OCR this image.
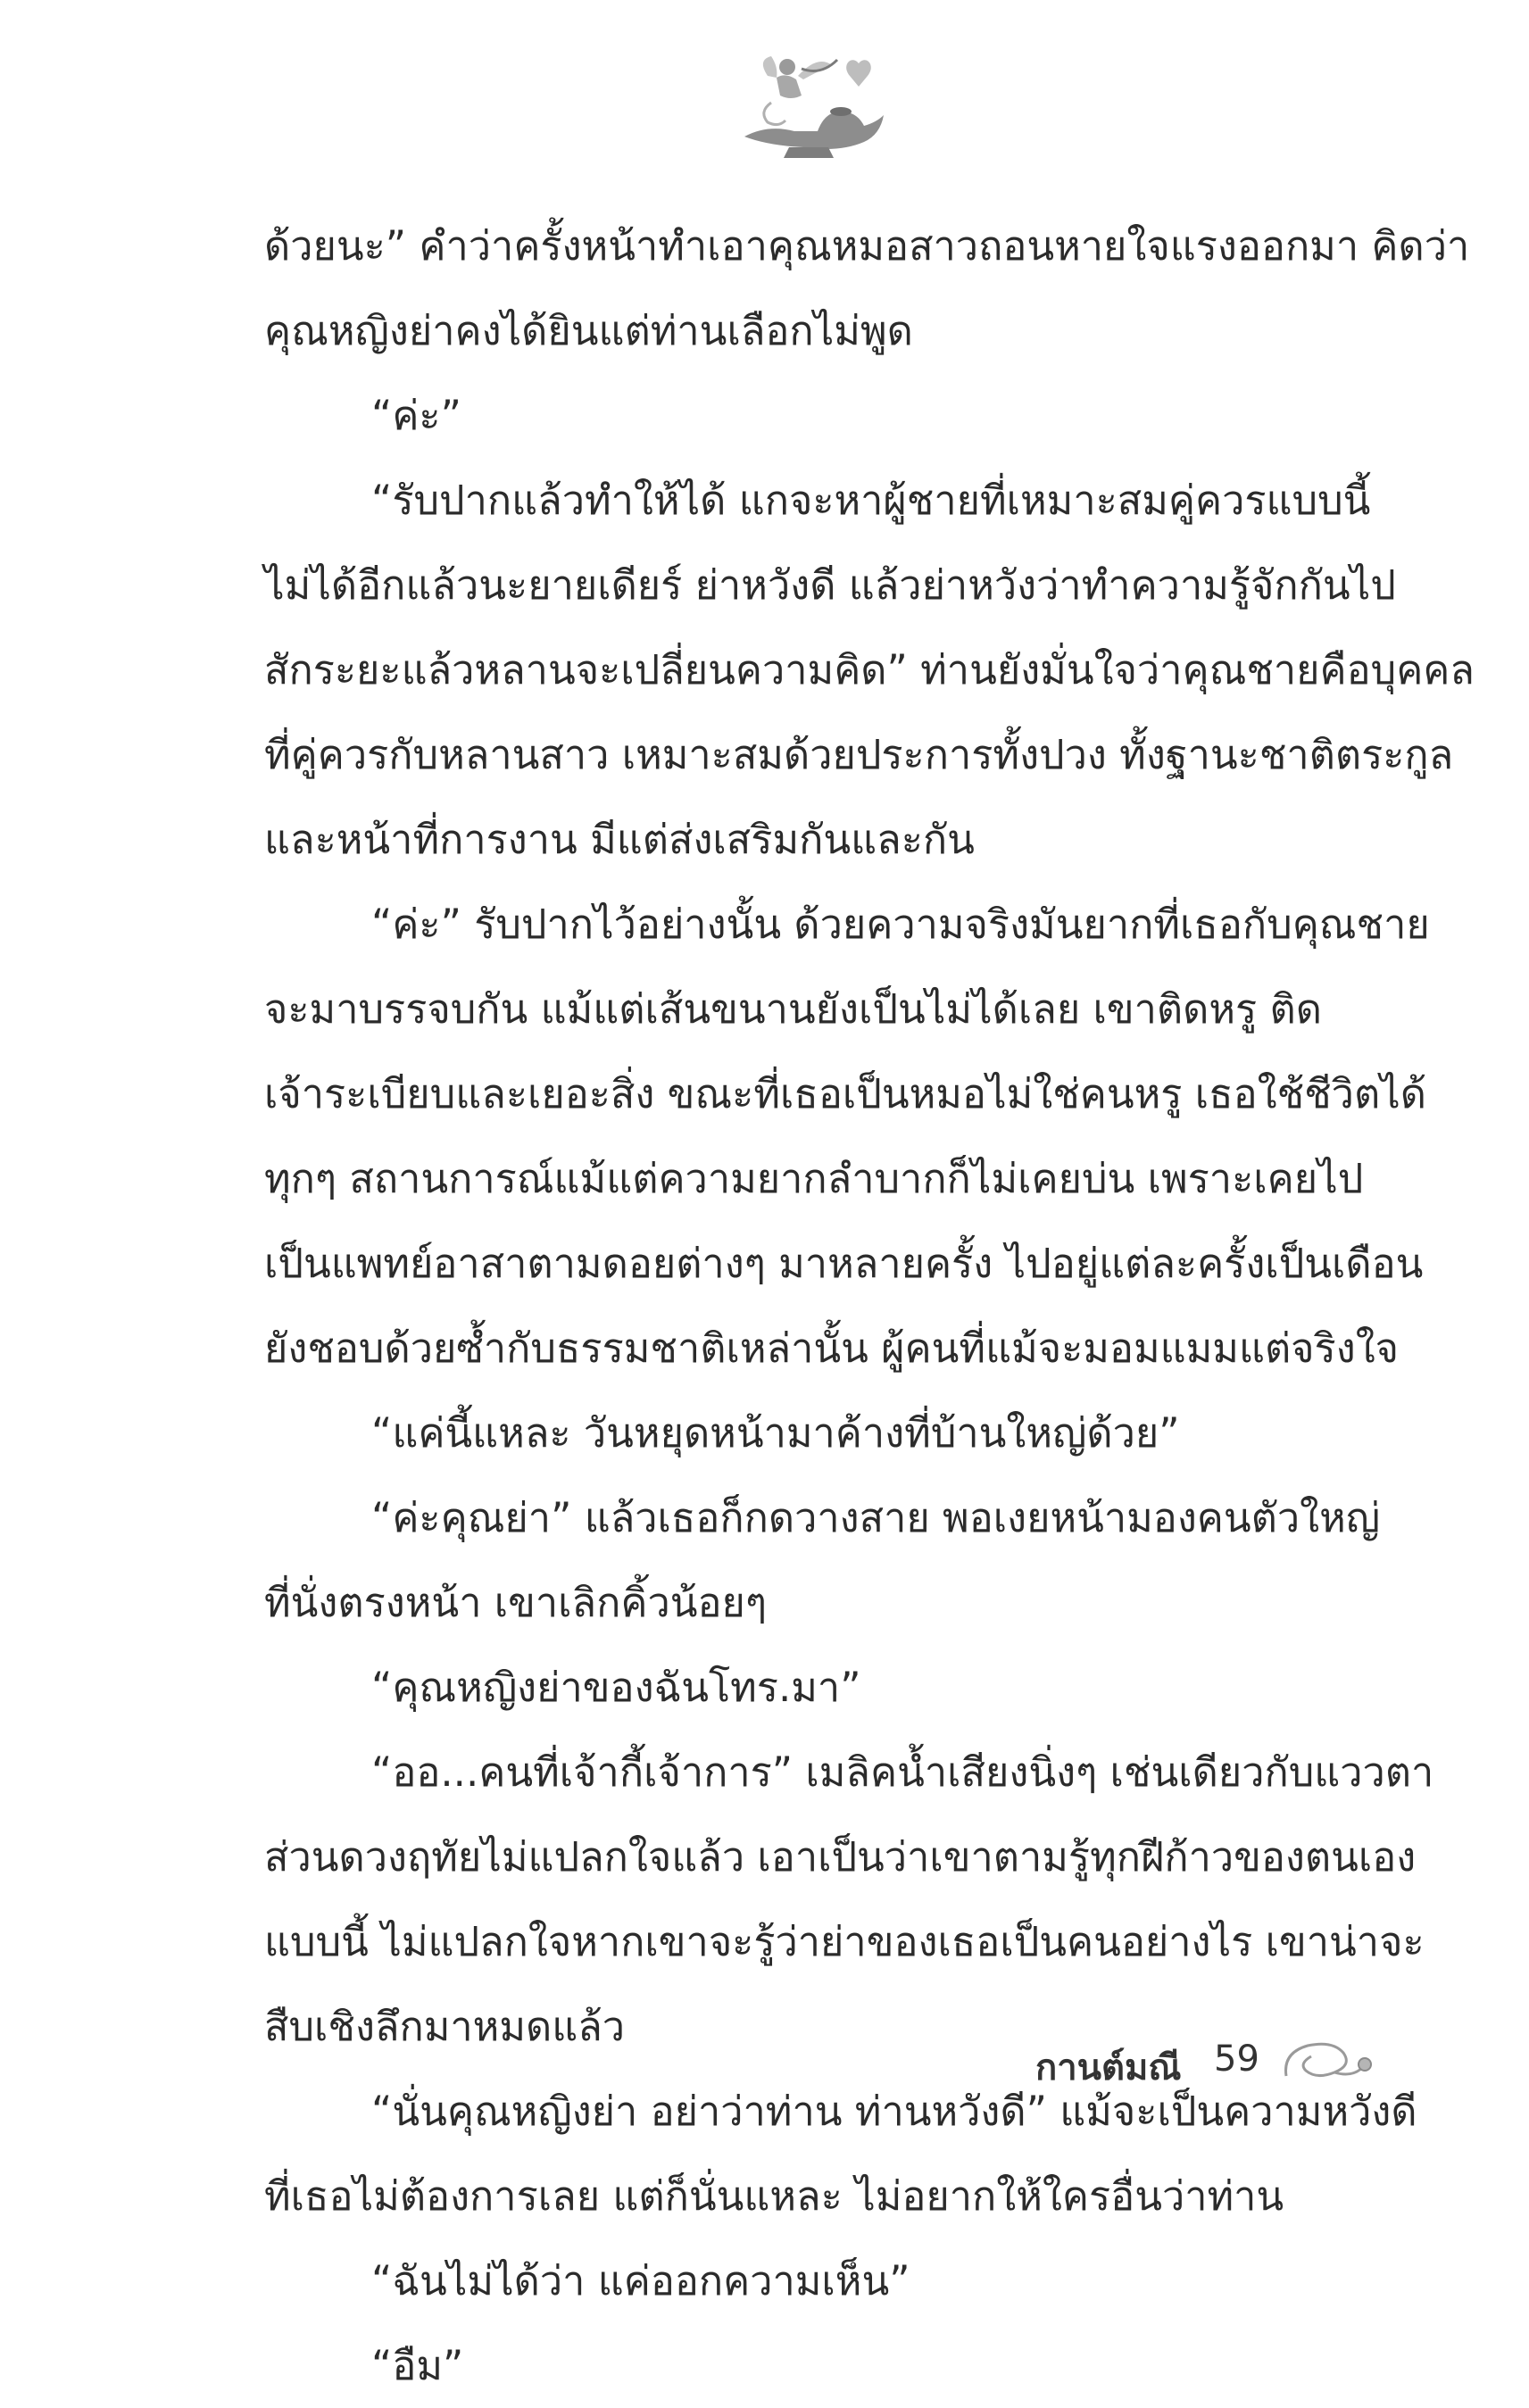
ด้วยนะ” คำว่าครั้งหน้าทำเอาคุณหมอสาวถอนหายใจแรงออกมา คิดว่า
คุณหญิงย่าคงได้ยินแต่ท่านเลือกไม่พูด
“ค่ะ”
“รับปากแล้วทำให้ได้ แกจะหาผู้ชายที่เหมาะสมคู่ควรแบบนี้
ไม่ได้อีกแล้วนะยายเดียร์ ย่าหวังดี แล้วย่าหวังว่าทำความรู้จักกันไป
สักระยะแล้วหลานจะเปลี่ยนความคิด” ท่านยังมั่นใจว่าคุณชายคือบุคคล
ที่คู่ควรกับหลานสาว เหมาะสมด้วยประการทั้งปวง ทั้งฐานะชาติตระกูล
และหน้าที่การงาน มีแต่ส่งเสริมกันและกัน
“ค่ะ” รับปากไว้อย่างนั้น ด้วยความจริงมันยากที่เธอกับคุณชาย
จะมาบรรจบกัน แม้แต่เส้นขนานยังเป็นไม่ได้เลย เขาติดหรู ติด
เจ้าระเบียบและเยอะสิ่ง ขณะที่เธอเป็นหมอไม่ใช่คนหรู เธอใช้ชีวิตได้
ทุกๆ สถานการณ์แม้แต่ความยากลำบากก็ไม่เคยบ่น เพราะเคยไป
เป็นแพทย์อาสาตามดอยต่างๆ มาหลายครั้ง ไปอยู่แต่ละครั้งเป็นเดือน
ยังชอบด้วยซ้ำกับธรรมชาติเหล่านั้น ผู้คนที่แม้จะมอมแมมแต่จริงใจ
“แค่นี้แหละ วันหยุดหน้ามาค้างที่บ้านใหญ่ด้วย”
“ค่ะคุณย่า” แล้วเธอก็กดวางสาย พอเงยหน้ามองคนตัวใหญ่
ที่นั่งตรงหน้า เขาเลิกคิ้วน้อยๆ
“คุณหญิงย่าของฉันโทร.มา”
“ออ...คนที่เจ้ากี้เจ้าการ” เมลิคน้ำเสียงนิ่งๆ เช่นเดียวกับแววตา
ส่วนดวงฤทัยไม่แปลกใจแล้ว เอาเป็นว่าเขาตามรู้ทุกฝีก้าวของตนเอง
แบบนี้ ไม่แปลกใจหากเขาจะรู้ว่าย่าของเธอเป็นคนอย่างไร เขาน่าจะ
สืบเชิงลึกมาหมดแล้ว
“นั่นคุณหญิงย่า อย่าว่าท่าน ท่านหวังดี” แม้จะเป็นความหวังดี
ที่เธอไม่ต้องการเลย แต่ก็นั่นแหละ ไม่อยากให้ใครอื่นว่าท่าน
“ฉันไม่ได้ว่า แค่ออกความเห็น”
“อืม”
กานต์มณี 59
